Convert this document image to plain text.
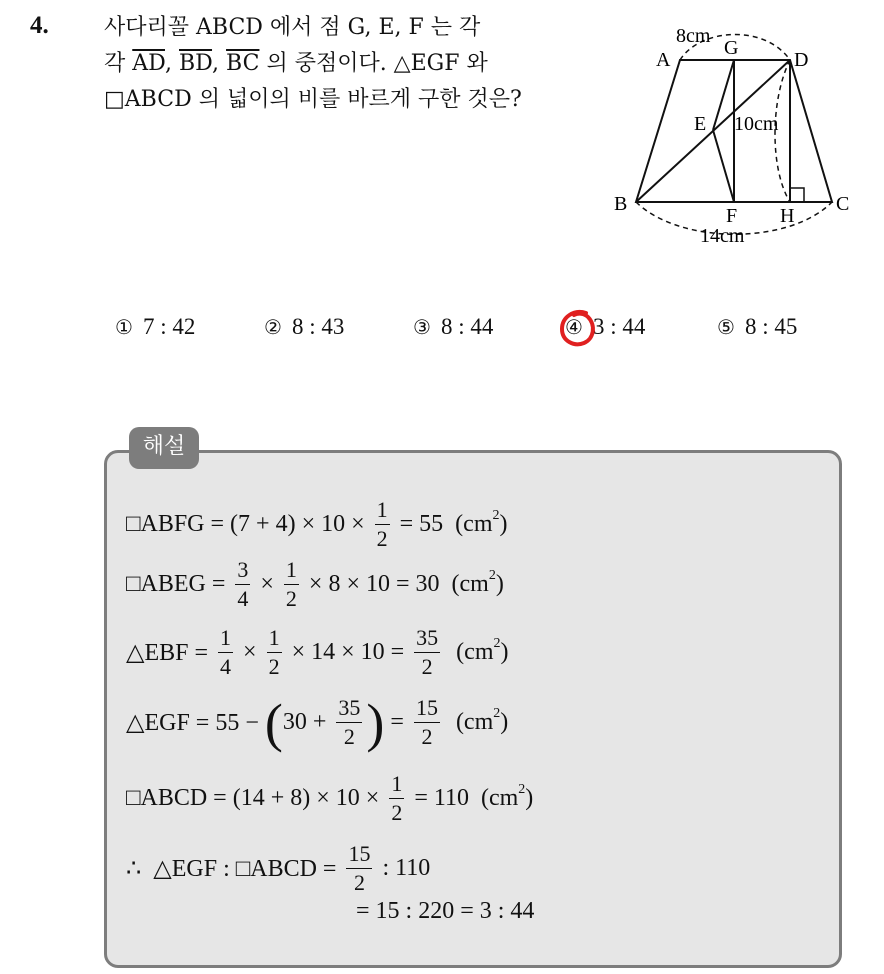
4.	사다리꼴 ABCD 에서 점 G, E, F 는 각
각 $\overline{AD}$, $\overline{BD}$, $\overline{BC}$ 의 중점이다. △EGF 와
□ABCD 의 넓이의 비를 바르게 구한 것은?
A
B	C
D
E
F
G
H
8cm
10cm
14cm
① 7 : 42	② 8 : 43	③ 8 : 44	④ 3 : 44	⑤ 8 : 45
해설
□ABFG = $(7 + 4) \times 10 \times \frac{1}{2} = 55$  (cm 2 )
□ABEG = $\frac{3}{4} \times \frac{1}{2} \times 8 \times 10 = 30$  (cm 2 )
△EBF = $\frac{1}{4} \times \frac{1}{2} \times 14 \times 10 = \frac{35}{2} (cm$ 2 )
△EGF = 55 − ( $30 + \frac{35}{2}$ ) = $\frac{15}{2} (cm$ 2 )
□ABCD = $(14 + 8) \times 10 \times \frac{1}{2} = 110$  (cm 2 )
∴  △EGF : □ABCD = $\frac{15}{2}$ : 110
= 15 : 220 = 3 : 44
